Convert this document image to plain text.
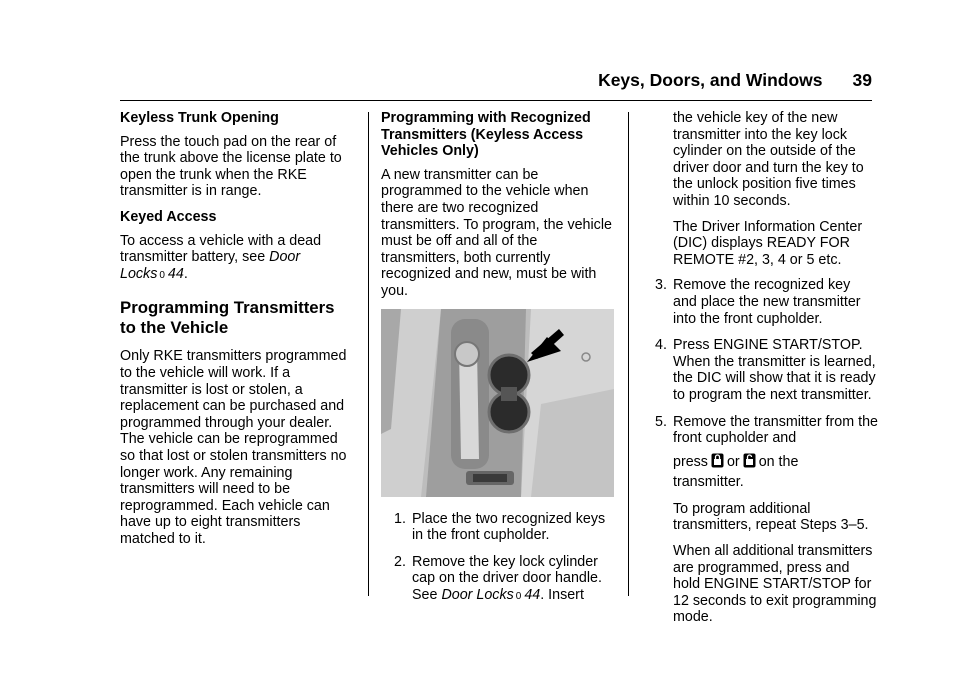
Keys, Doors, and Windows 39

Keyless Trunk Opening

Press the touch pad on the rear of the trunk above the license plate to open the trunk when the RKE transmitter is in range.

Keyed Access

To access a vehicle with a dead transmitter battery, see Door Locks 0 44.

Programming Transmitters to the Vehicle

Only RKE transmitters programmed to the vehicle will work. If a transmitter is lost or stolen, a replacement can be purchased and programmed through your dealer. The vehicle can be reprogrammed so that lost or stolen transmitters no longer work. Any remaining transmitters will need to be reprogrammed. Each vehicle can have up to eight transmitters matched to it.

Programming with Recognized Transmitters (Keyless Access Vehicles Only)

A new transmitter can be programmed to the vehicle when there are two recognized transmitters. To program, the vehicle must be off and all of the transmitters, both currently recognized and new, must be with you.

1. Place the two recognized keys in the front cupholder.
2. Remove the key lock cylinder cap on the driver door handle. See Door Locks 0 44. Insert

the vehicle key of the new transmitter into the key lock cylinder on the outside of the driver door and turn the key to the unlock position five times within 10 seconds.

The Driver Information Center (DIC) displays READY FOR REMOTE #2, 3, 4 or 5 etc.

3. Remove the recognized key and place the new transmitter into the front cupholder.
4. Press ENGINE START/STOP. When the transmitter is learned, the DIC will show that it is ready to program the next transmitter.
5. Remove the transmitter from the front cupholder and
press or on the
transmitter.

To program additional transmitters, repeat Steps 3–5.

When all additional transmitters are programmed, press and hold ENGINE START/STOP for 12 seconds to exit programming mode.
